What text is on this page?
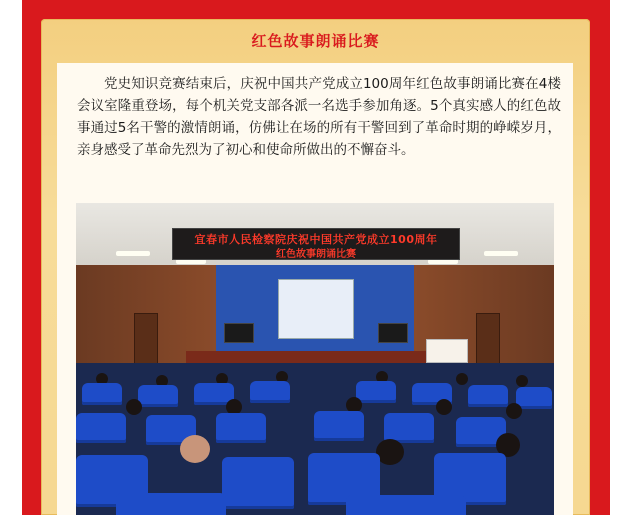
红色故事朗诵比赛

党史知识竞赛结束后，庆祝中国共产党成立100周年红色故事朗诵比赛在4楼会议室隆重登场，每个机关党支部各派一名选手参加角逐。5个真实感人的红色故事通过5名干警的激情朗诵，仿佛让在场的所有干警回到了革命时期的峥嵘岁月，亲身感受了革命先烈为了初心和使命所做出的不懈奋斗。

宜春市人民检察院庆祝中国共产党成立100周年
红色故事朗诵比赛
